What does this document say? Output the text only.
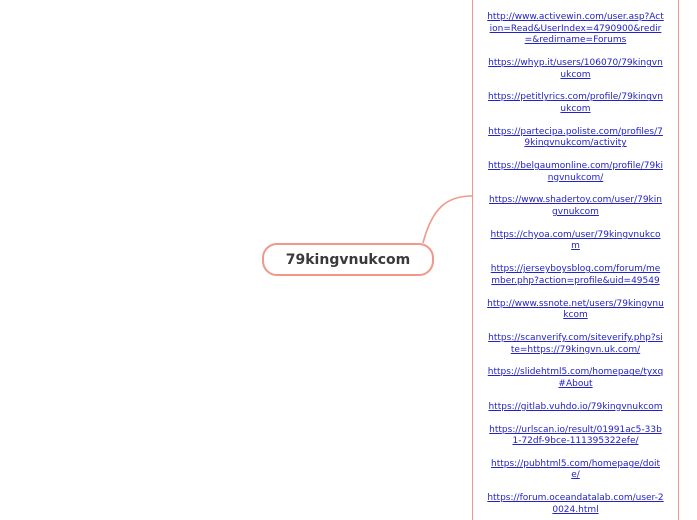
79kingvnukcom
http://www.activewin.com/user.asp?Action=Read&UserIndex=4790900&redir=&redirname=Forums
https://whyp.it/users/106070/79kingvnukcom
https://petitlyrics.com/profile/79kingvnukcom
https://partecipa.poliste.com/profiles/79kingvnukcom/activity
https://belgaumonline.com/profile/79kingvnukcom/
https://www.shadertoy.com/user/79kingvnukcom
https://chyoa.com/user/79kingvnukcom
https://jerseyboysblog.com/forum/member.php?action=profile&uid=49549
http://www.ssnote.net/users/79kingvnukcom
https://scanverify.com/siteverify.php?site=https://79kingvn.uk.com/
https://slidehtml5.com/homepage/tyxq#About
https://gitlab.vuhdo.io/79kingvnukcom
https://urlscan.io/result/01991ac5-33b1-72df-9bce-111395322efe/
https://pubhtml5.com/homepage/doite/
https://forum.oceandatalab.com/user-20024.html
